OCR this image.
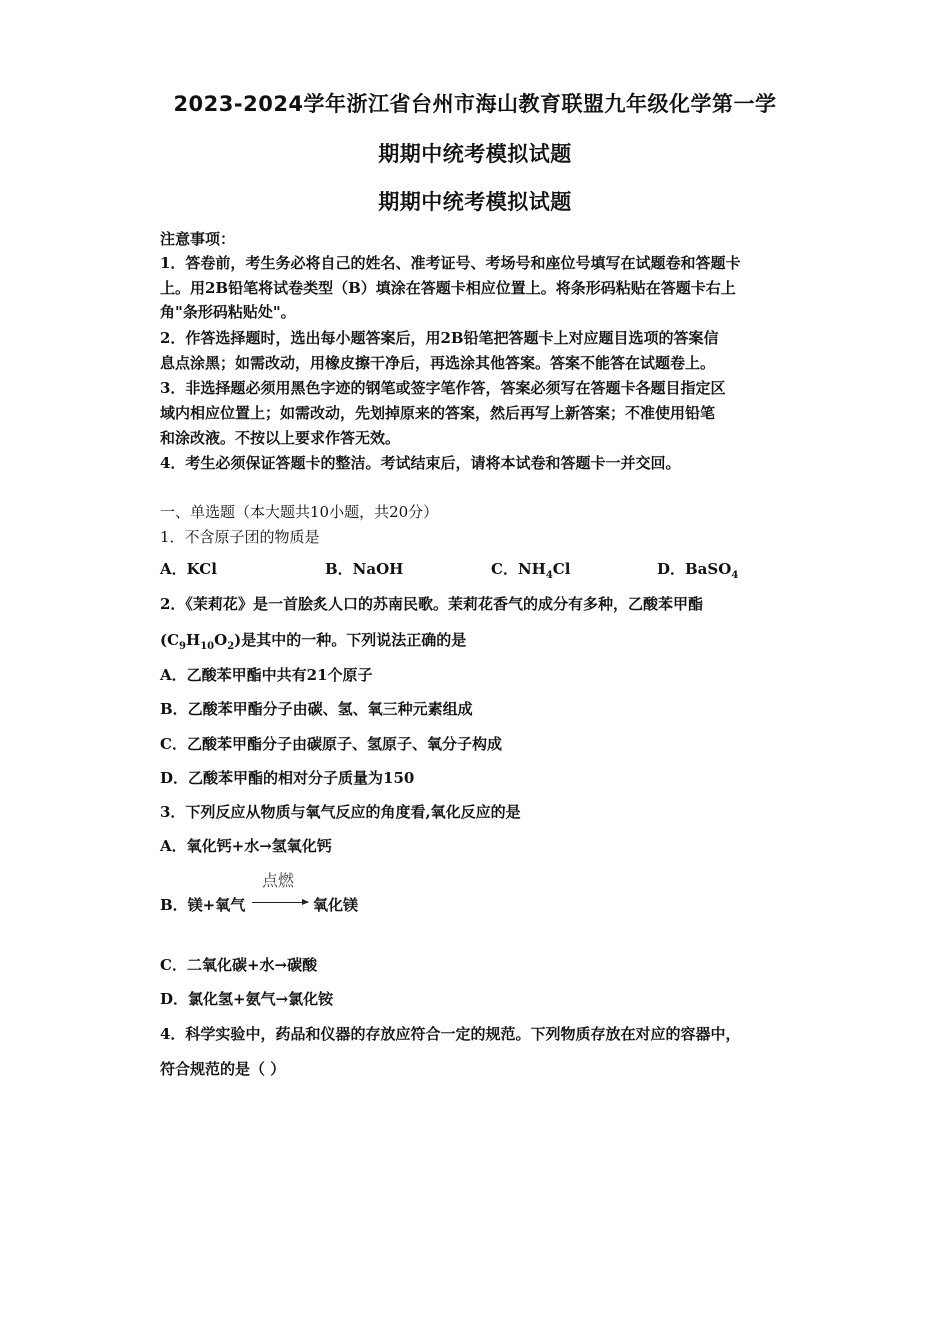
2023-2024学年浙江省台州市海山教育联盟九年级化学第一学
期期中统考模拟试题
期期中统考模拟试题
注意事项：
1．答卷前，考生务必将自己的姓名、准考证号、考场号和座位号填写在试题卷和答题卡
上。用2B铅笔将试卷类型（B）填涂在答题卡相应位置上。将条形码粘贴在答题卡右上
角"条形码粘贴处"。
2．作答选择题时，选出每小题答案后，用2B铅笔把答题卡上对应题目选项的答案信
息点涂黑；如需改动，用橡皮擦干净后，再选涂其他答案。答案不能答在试题卷上。
3．非选择题必须用黑色字迹的钢笔或签字笔作答，答案必须写在答题卡各题目指定区
域内相应位置上；如需改动，先划掉原来的答案，然后再写上新答案；不准使用铅笔
和涂改液。不按以上要求作答无效。
4．考生必须保证答题卡的整洁。考试结束后，请将本试卷和答题卡一并交回。
一、单选题（本大题共10小题，共20分）
1．不含原子团的物质是
A．KCl	B．NaOH	C．$NH_4Cl$	D．BaSO$_4$
2．《茉莉花》是一首脍炙人口的苏南民歌。茉莉花香气的成分有多种，乙酸苯甲酯
$(C_9H_{10}O_2)$是其中的一种。下列说法正确的是
A．乙酸苯甲酯中共有21个原子
B．乙酸苯甲酯分子由碳、氢、氧三种元素组成
C．乙酸苯甲酯分子由碳原子、氢原子、氧分子构成
D．乙酸苯甲酯的相对分子质量为150
3．下列反应从物质与氧气反应的角度看,氧化反应的是
A．氧化钙+水→氢氧化钙
点燃
B．镁+氧气	氧化镁
C．二氧化碳+水→碳酸
D．氯化氢+氨气→氯化铵
4．科学实验中，药品和仪器的存放应符合一定的规范。下列物质存放在对应的容器中，
符合规范的是（ ）
